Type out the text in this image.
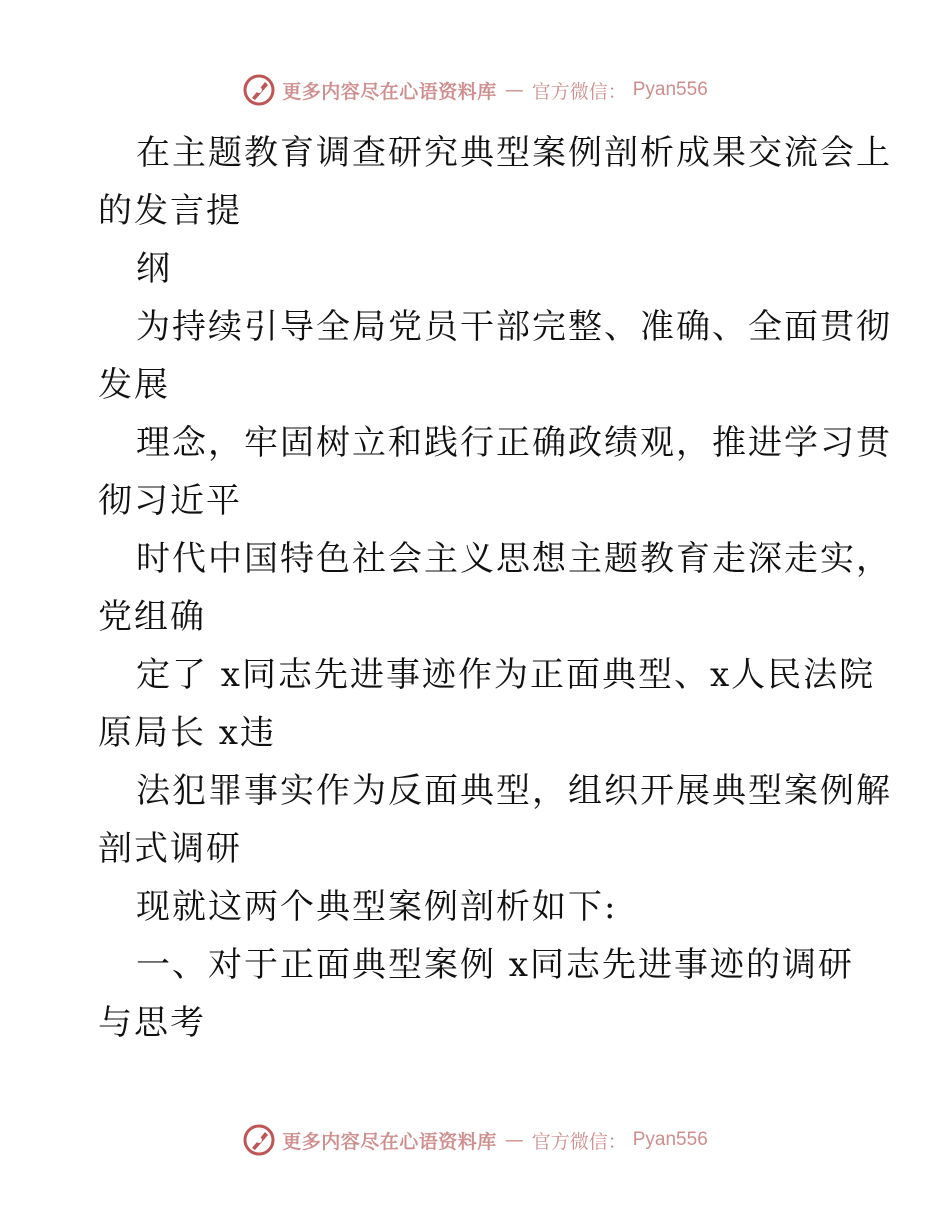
更多内容尽在心语资料库 — 官方微信： Pyan556
在主题教育调查研究典型案例剖析成果交流会上
的发言提
纲
为持续引导全局党员干部完整、准确、全面贯彻
发展
理念，牢固树立和践行正确政绩观，推进学习贯
彻习近平
时代中国特色社会主义思想主题教育走深走实，
党组确
定了 x同志先进事迹作为正面典型、x人民法院
原局长 x违
法犯罪事实作为反面典型，组织开展典型案例解
剖式调研
现就这两个典型案例剖析如下:
一、对于正面典型案例 x同志先进事迹的调研
与思考
更多内容尽在心语资料库 — 官方微信： Pyan556
